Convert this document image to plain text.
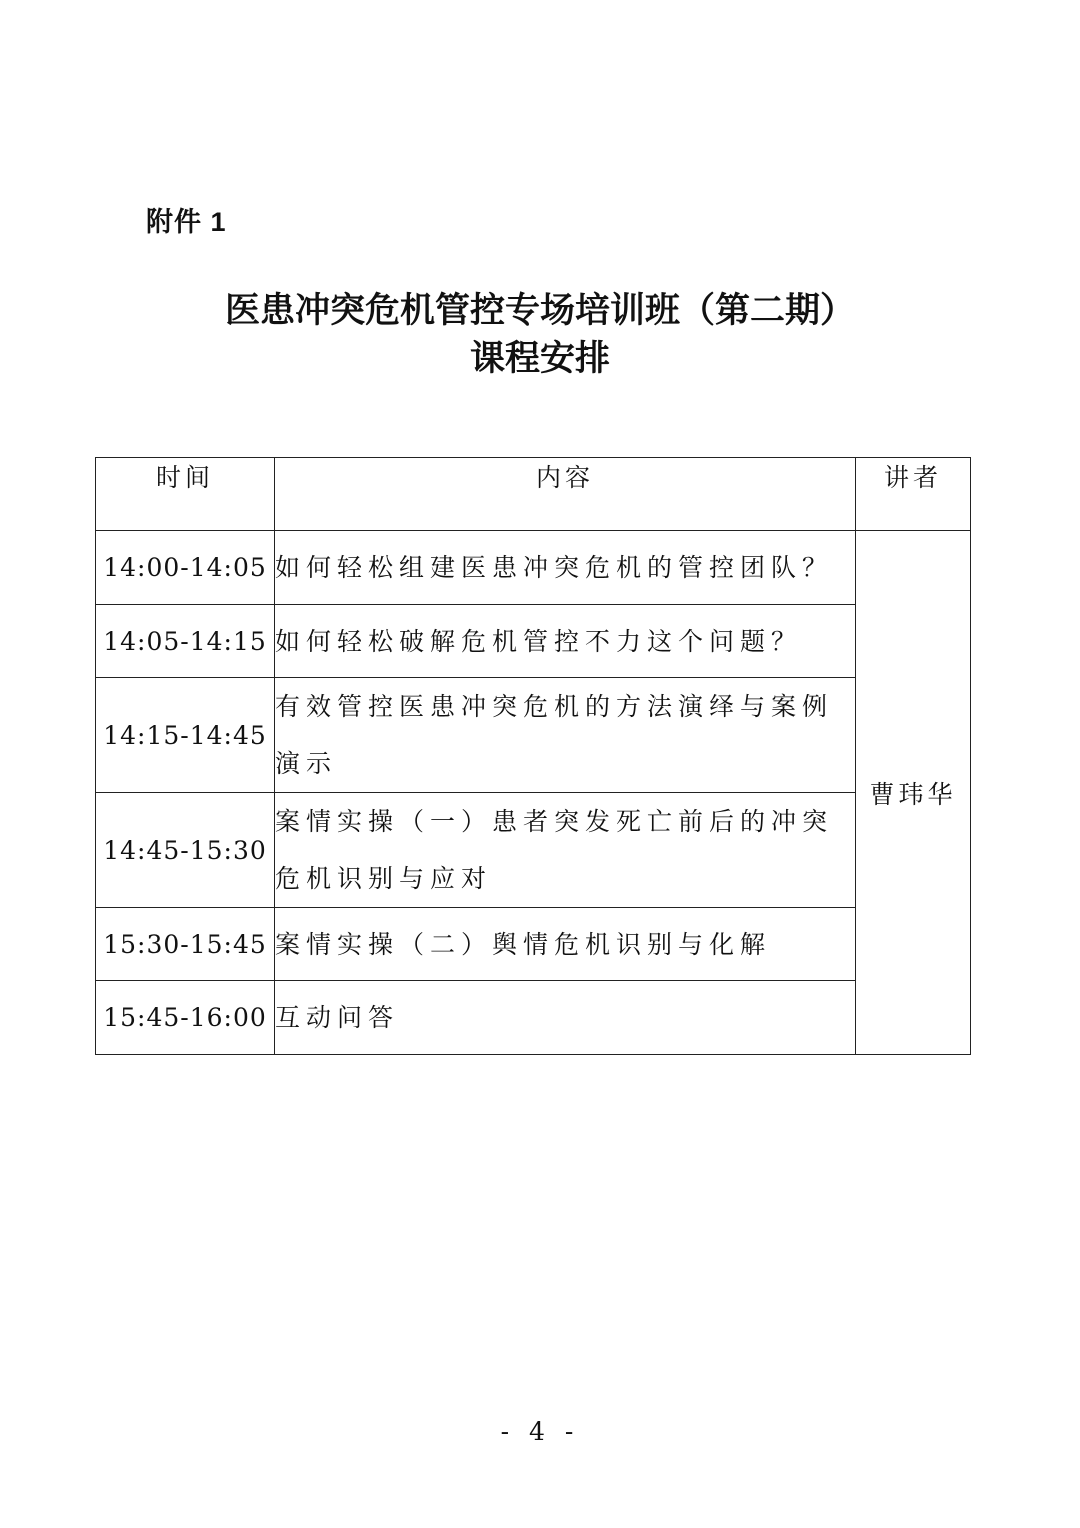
附件 1
医患冲突危机管控专场培训班（第二期）
课程安排
时间	内容	讲者
14:00-14:05	如何轻松组建医患冲突危机的管控团队？	曹玮华
14:05-14:15	如何轻松破解危机管控不力这个问题？	
14:15-14:45	有效管控医患冲突危机的方法演绎与案例演示	
14:45-15:30	案情实操（一）患者突发死亡前后的冲突危机识别与应对	
15:30-15:45	案情实操（二）舆情危机识别与化解	
15:45-16:00	互动问答	
- 4 -
